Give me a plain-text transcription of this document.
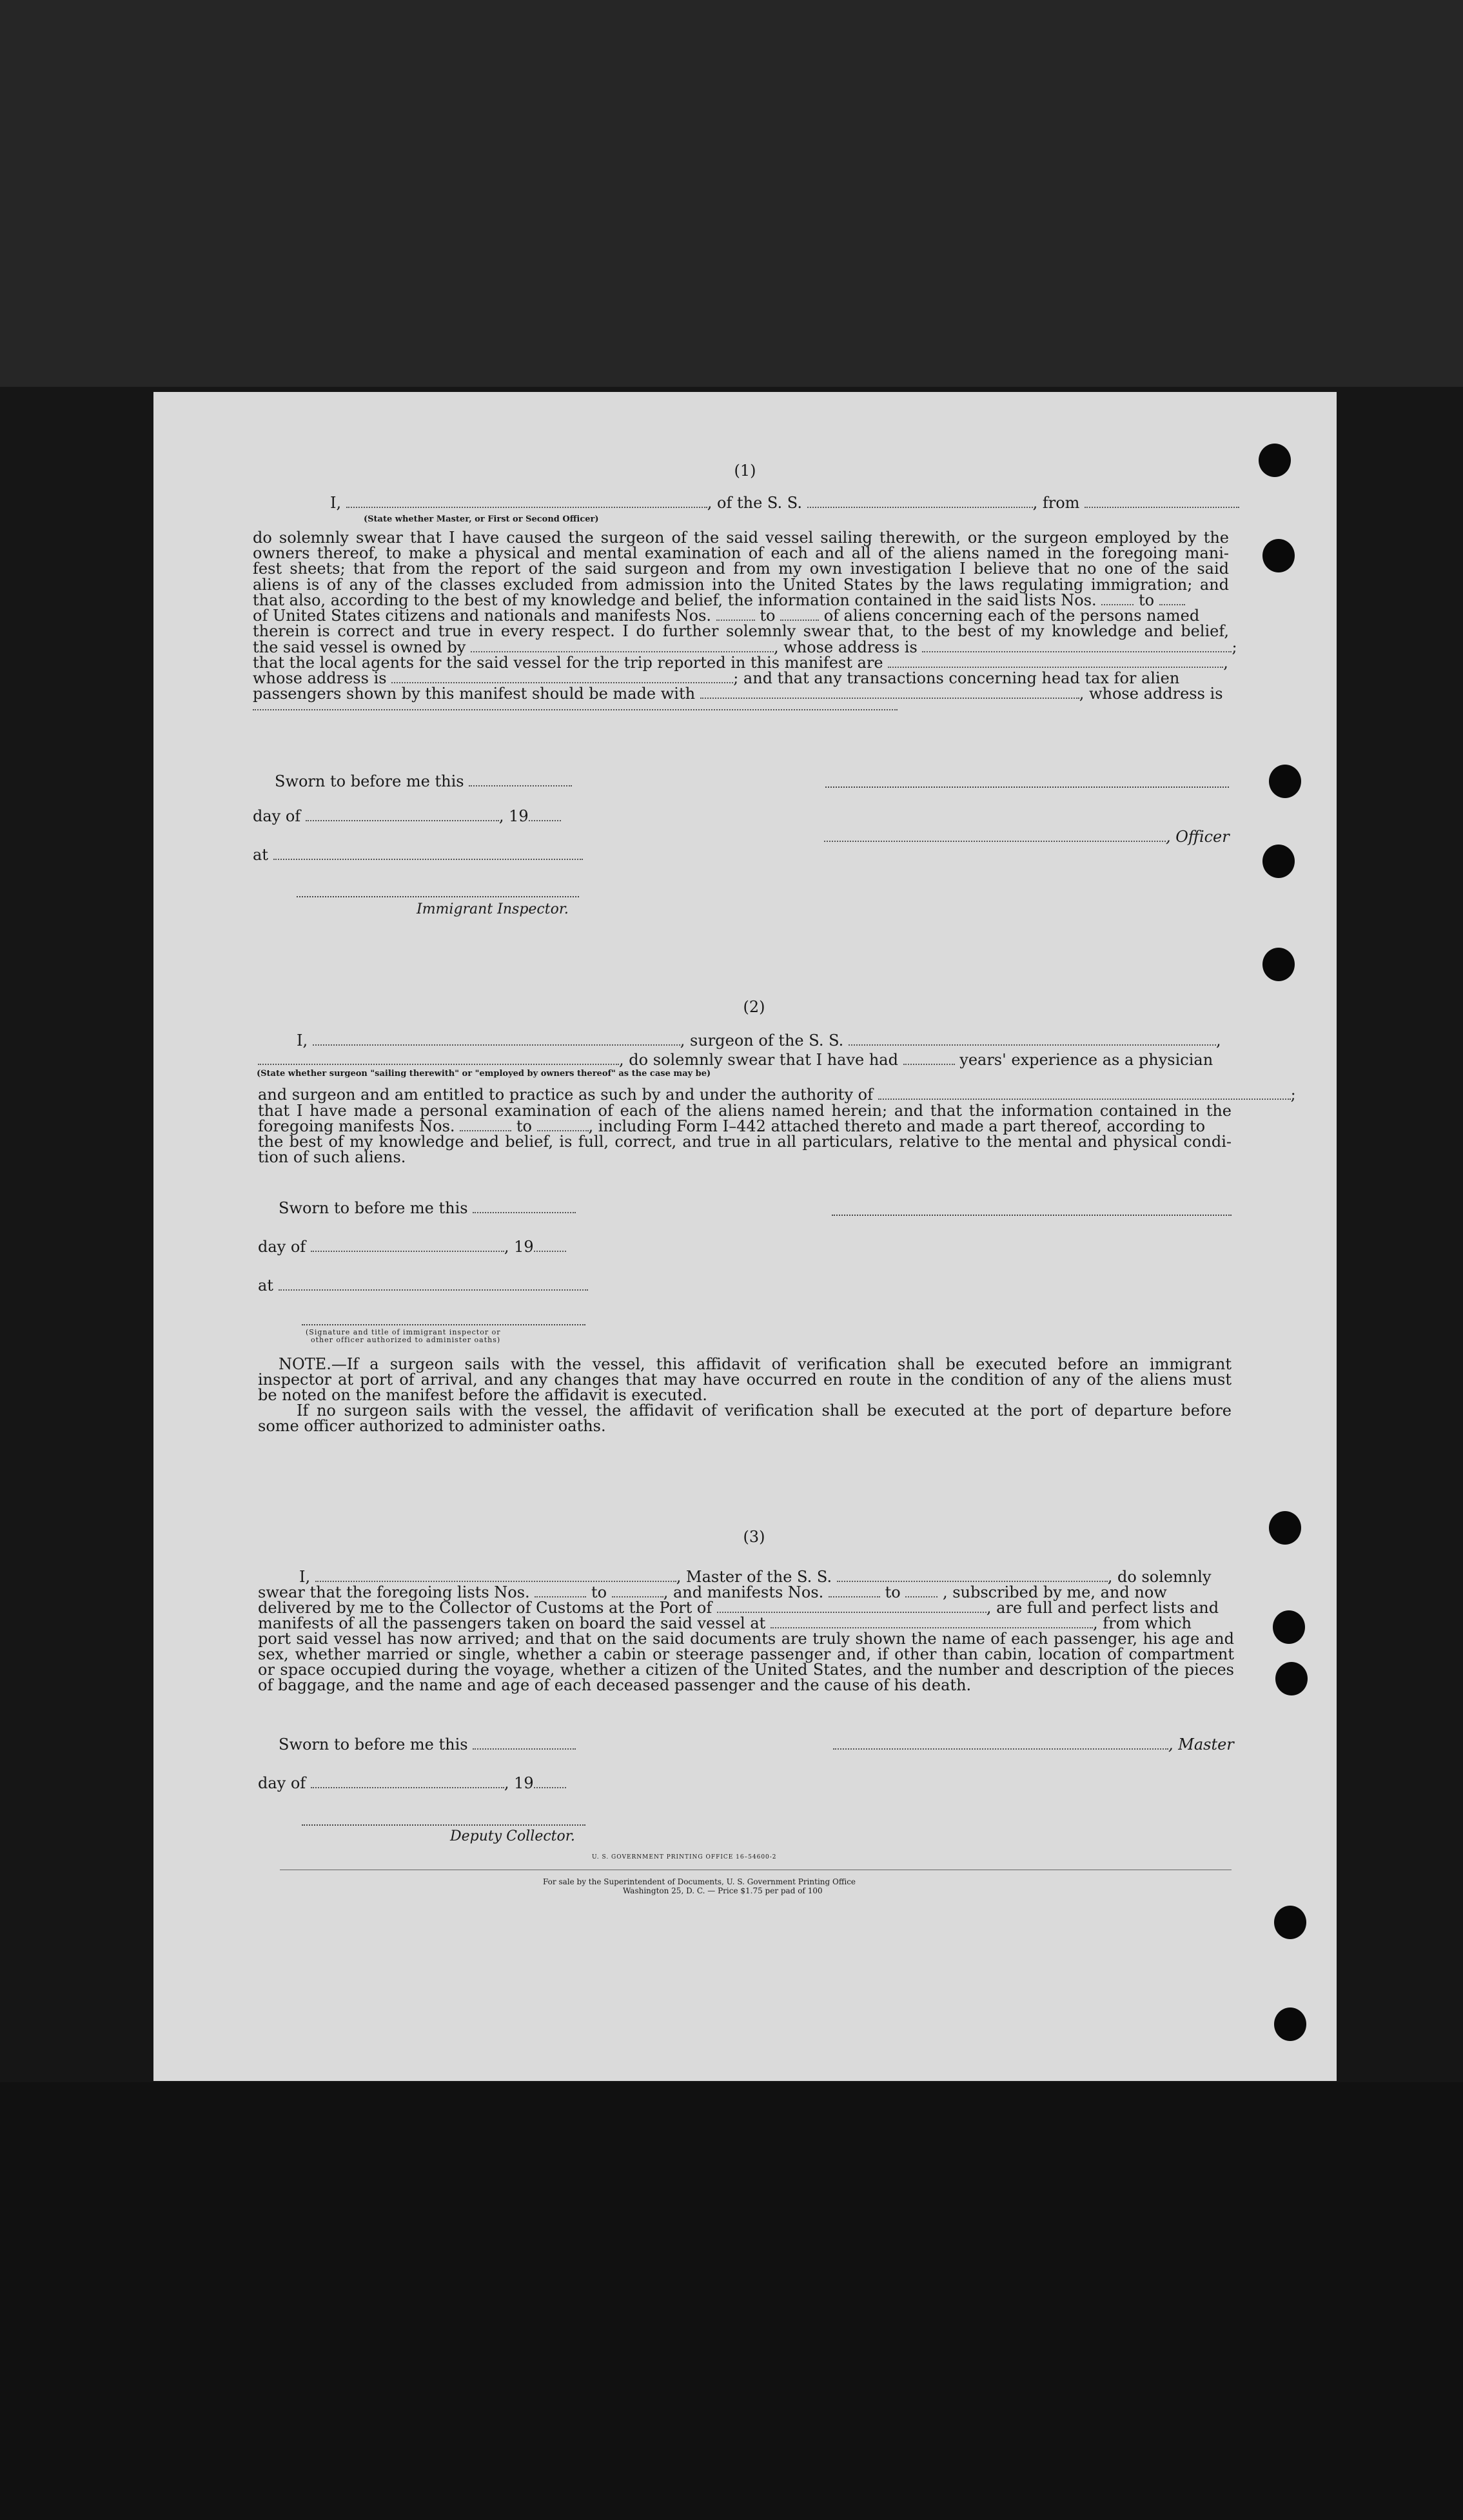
(1)
I,	, of the S. S.	, from
(State whether Master, or First or Second Officer)
do solemnly swear that I have caused the surgeon of the said vessel sailing therewith, or the surgeon employed by the
owners thereof, to make a physical and mental examination of each and all of the aliens named in the foregoing mani-
fest sheets; that from the report of the said surgeon and from my own investigation I believe that no one of the said
aliens is of any of the classes excluded from admission into the United States by the laws regulating immigration; and
that also, according to the best of my knowledge and belief, the information contained in the said lists Nos.	to
of United States citizens and nationals and manifests Nos.	to	of aliens concerning each of the persons named
therein is correct and true in every respect. I do further solemnly swear that, to the best of my knowledge and belief,
the said vessel is owned by	, whose address is	;
that the local agents for the said vessel for the trip reported in this manifest are	,
whose address is	; and that any transactions concerning head tax for alien
passengers shown by this manifest should be made with	, whose address is
Sworn to before me this
day of	, 19
, Officer
at
Immigrant Inspector.
(2)
I,	, surgeon of the S. S.	,
, do solemnly swear that I have had	years' experience as a physician
(State whether surgeon "sailing therewith" or "employed by owners thereof" as the case may be)
and surgeon and am entitled to practice as such by and under the authority of	;
that I have made a personal examination of each of the aliens named herein; and that the information contained in the
foregoing manifests Nos.	to	, including Form I–442 attached thereto and made a part thereof, according to
the best of my knowledge and belief, is full, correct, and true in all particulars, relative to the mental and physical condi-
tion of such aliens.
Sworn to before me this
day of	, 19
at
(Signature and title of immigrant inspector or
other officer authorized to administer oaths)
NOTE.—If a surgeon sails with the vessel, this affidavit of verification shall be executed before an immigrant
inspector at port of arrival, and any changes that may have occurred en route in the condition of any of the aliens must
be noted on the manifest before the affidavit is executed.
If no surgeon sails with the vessel, the affidavit of verification shall be executed at the port of departure before
some officer authorized to administer oaths.
(3)
I,	, Master of the S. S.	, do solemnly
swear that the foregoing lists Nos.	to	, and manifests Nos.	to	, subscribed by me, and now
delivered by me to the Collector of Customs at the Port of	, are full and perfect lists and
manifests of all the passengers taken on board the said vessel at	, from which
port said vessel has now arrived; and that on the said documents are truly shown the name of each passenger, his age and
sex, whether married or single, whether a cabin or steerage passenger and, if other than cabin, location of compartment
or space occupied during the voyage, whether a citizen of the United States, and the number and description of the pieces
of baggage, and the name and age of each deceased passenger and the cause of his death.
Sworn to before me this	, Master
day of	, 19
Deputy Collector.
U. S. GOVERNMENT PRINTING OFFICE 16–54600-2
For sale by the Superintendent of Documents, U. S. Government Printing Office
Washington 25, D. C. — Price $1.75 per pad of 100
